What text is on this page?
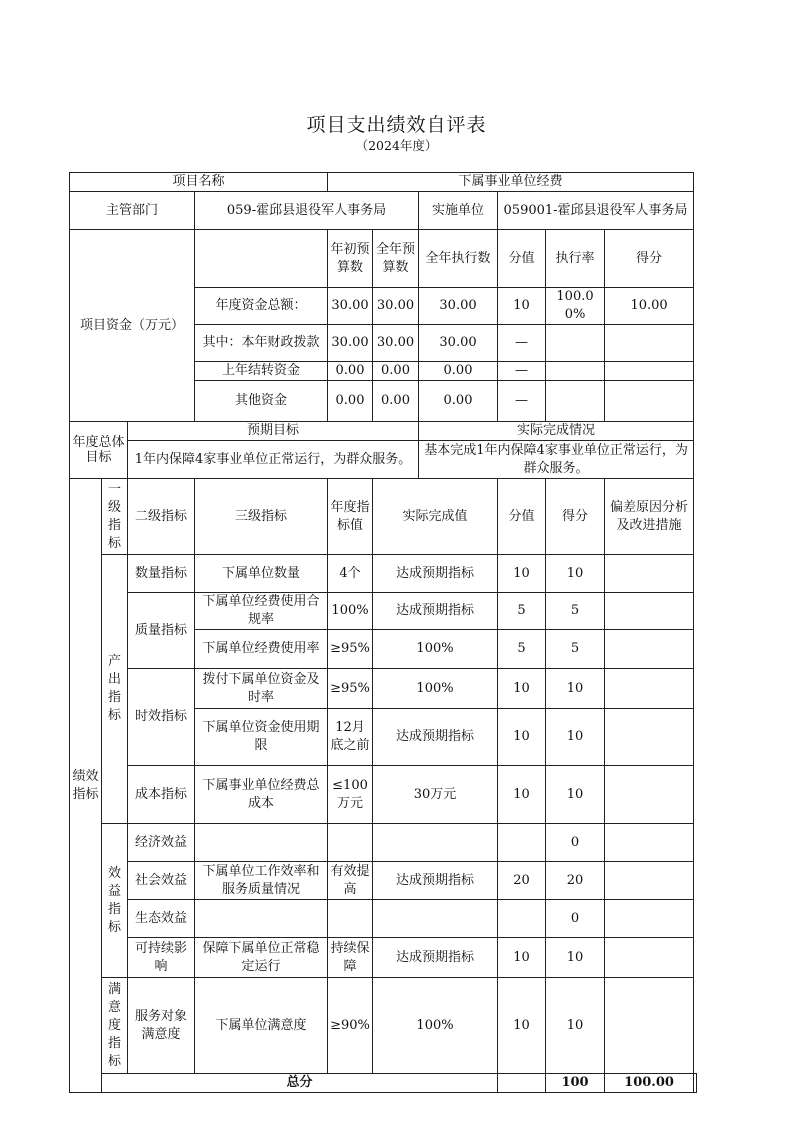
项目支出绩效自评表
（2024年度）
项目名称				下属事业单位经费						
主管部门			059-霍邱县退役军人事务局			实施单位	059001-霍邱县退役军人事务局			
项目资金（万元）				年初预算数	全年预算数	全年执行数	分值	执行率	得分	
			年度资金总额：	30.00	30.00	30.00	10	100.00%	10.00	
			其中：本年财政拨款	30.00	30.00	30.00	—			
			上年结转资金	0.00	0.00	0.00	—			
			其他资金	0.00	0.00	0.00	—			
年度总体目标		预期目标				实际完成情况				
		1年内保障4家事业单位正常运行，为群众服务。				基本完成1年内保障4家事业单位正常运行，为群众服务。				
绩效指标	一级指标	二级指标	三级指标	年度指标值	实际完成值		分值	得分	偏差原因分析及改进措施	
	产出指标	数量指标	下属单位数量	4个	达成预期指标		10	10		
		质量指标	下属单位经费使用合规率	100%	达成预期指标		5	5		
			下属单位经费使用率	≥95%	100%		5	5		
		时效指标	拨付下属单位资金及时率	≥95%	100%		10	10		
			下属单位资金使用期限	12月底之前	达成预期指标		10	10		
		成本指标	下属事业单位经费总成本	≤100万元	30万元		10	10		
	效益指标	经济效益						0		
		社会效益	下属单位工作效率和服务质量情况	有效提高	达成预期指标		20	20		
		生态效益						0		
		可持续影响	保障下属单位正常稳定运行	持续保障	达成预期指标		10	10		
	满意度指标	服务对象满意度	下属单位满意度	≥90%	100%		10	10		
	总分							100	100.00	
